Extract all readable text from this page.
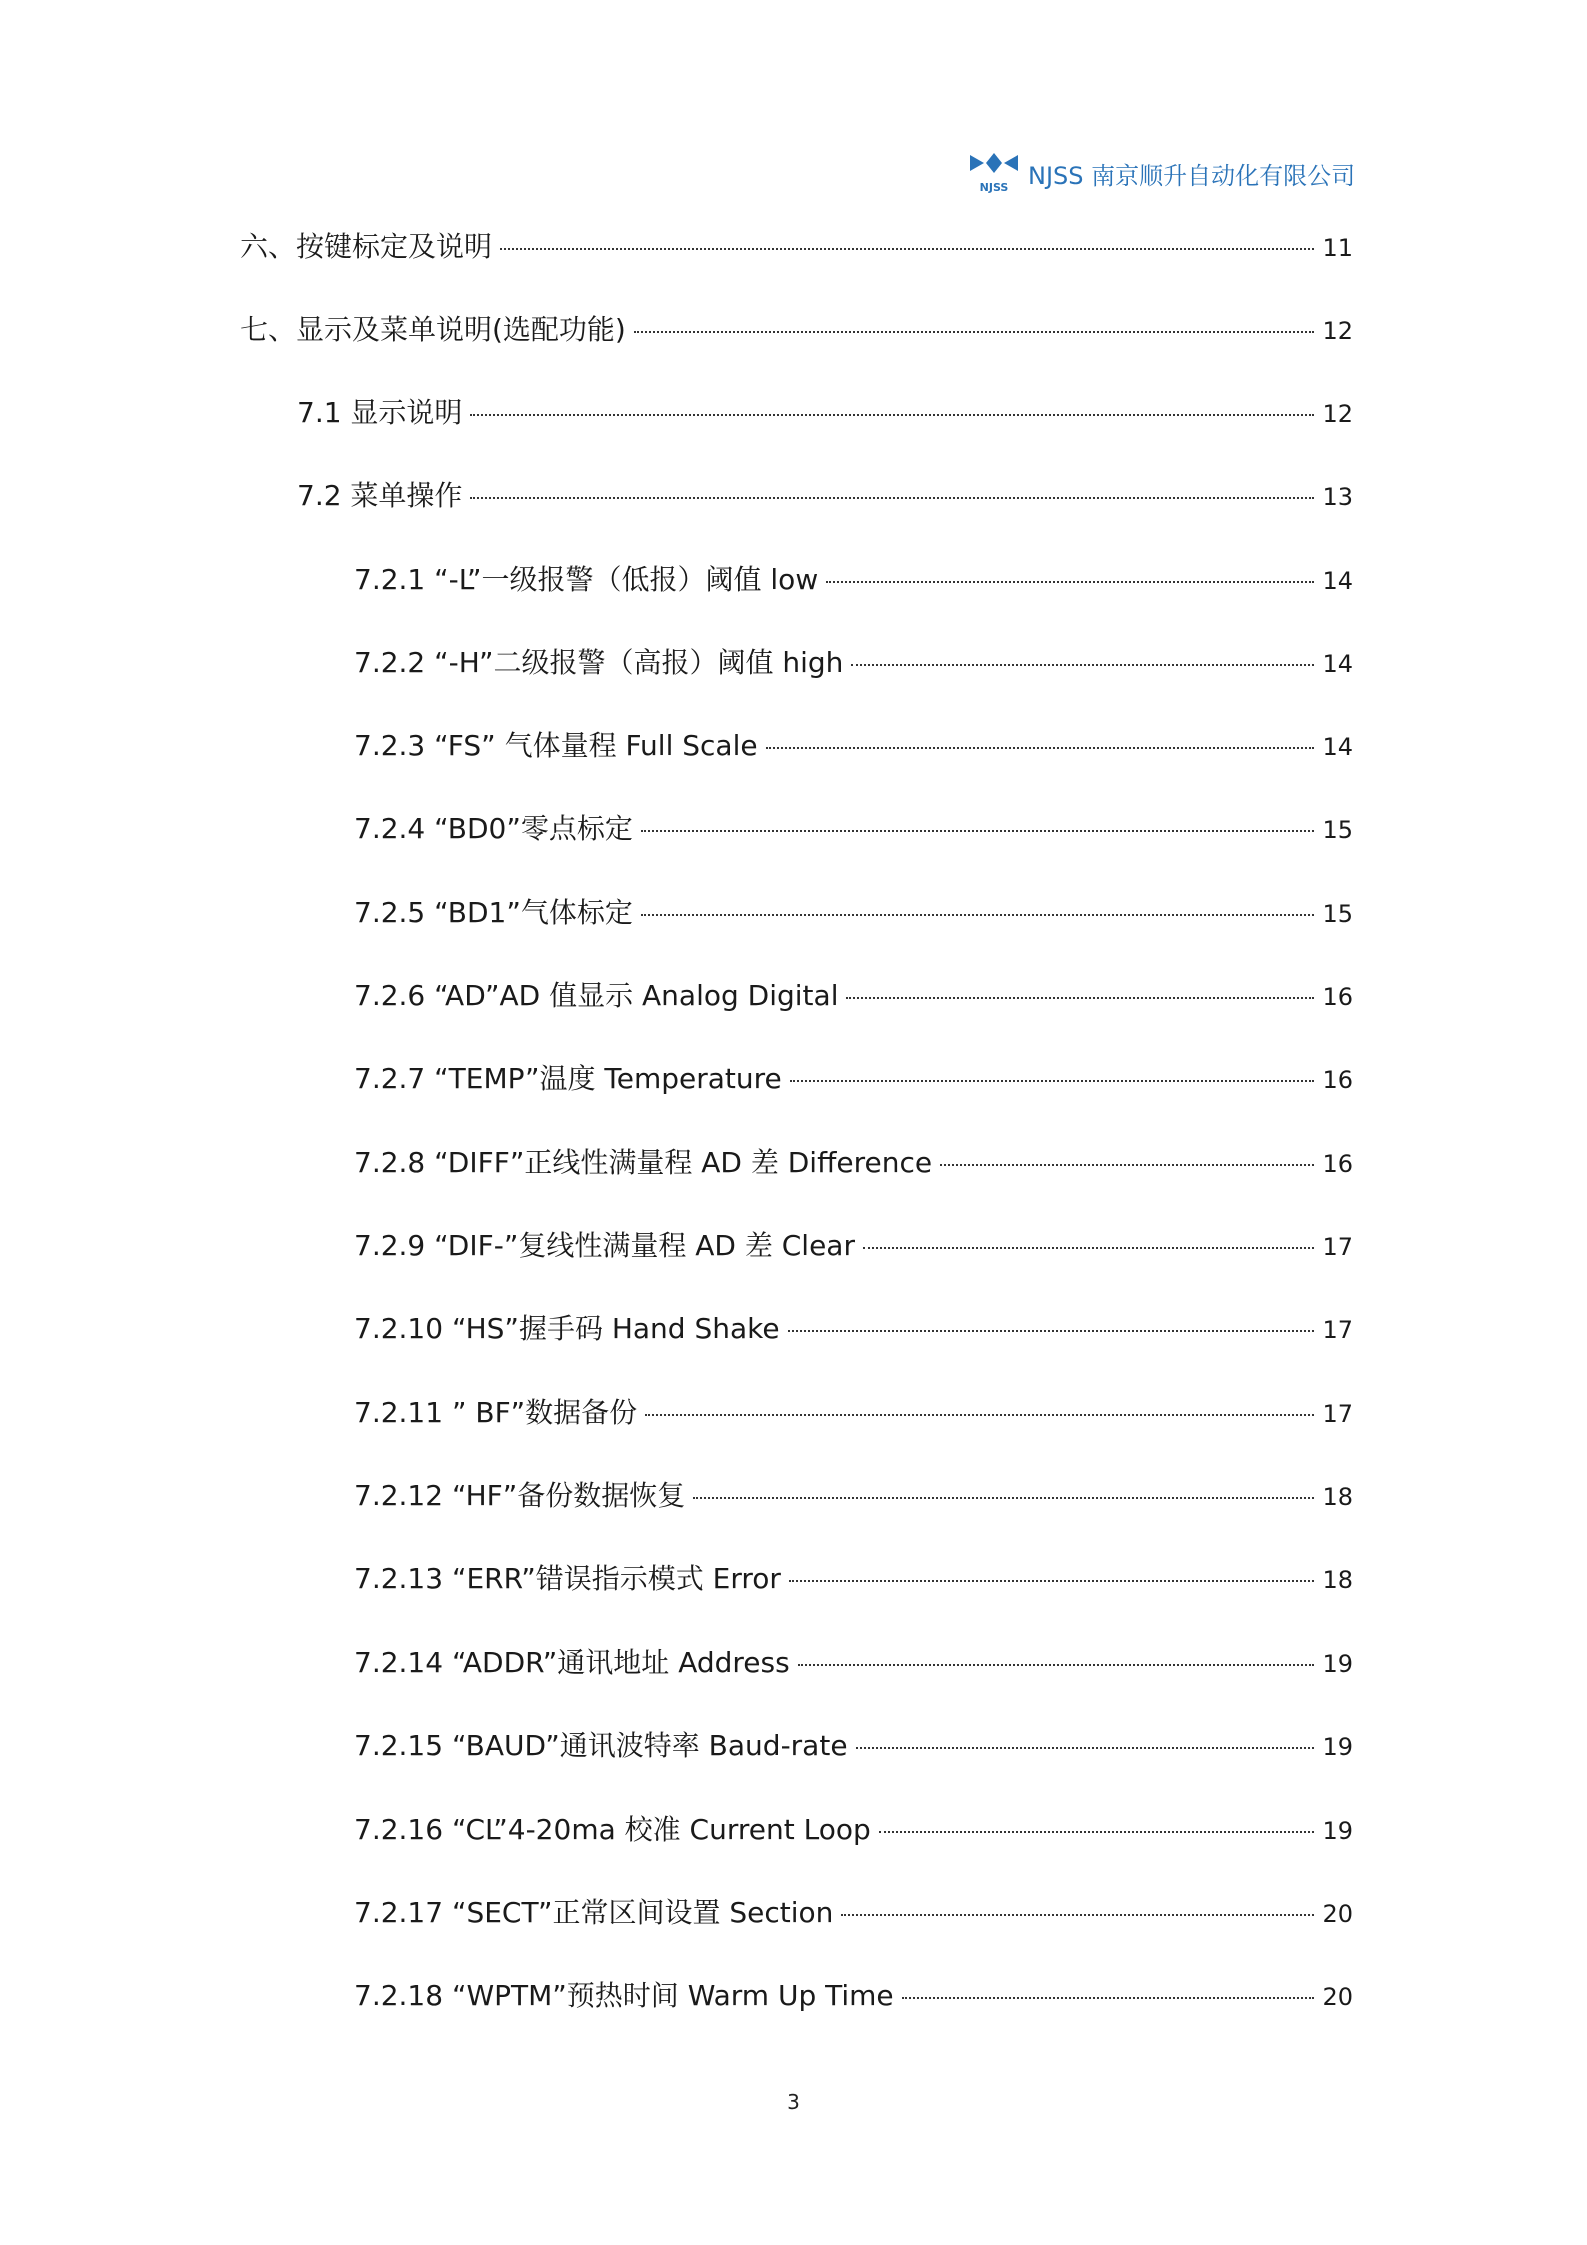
NJSS NJSS 南京顺升自动化有限公司
六、按键标定及说明	11
七、显示及菜单说明(选配功能)	12
7.1 显示说明	12
7.2 菜单操作	13
7.2.1 “-L”一级报警（低报）阈值 low	14
7.2.2 “-H”二级报警（高报）阈值 high	14
7.2.3 “FS” 气体量程 Full Scale	14
7.2.4 “BD0”零点标定	15
7.2.5 “BD1”气体标定	15
7.2.6 “AD”AD 值显示 Analog Digital	16
7.2.7 “TEMP”温度 Temperature	16
7.2.8 “DIFF”正线性满量程 AD 差 Difference	16
7.2.9 “DIF-”复线性满量程 AD 差 Clear	17
7.2.10 “HS”握手码 Hand Shake	17
7.2.11 ” BF”数据备份	17
7.2.12 “HF”备份数据恢复	18
7.2.13 “ERR”错误指示模式 Error	18
7.2.14 “ADDR”通讯地址 Address	19
7.2.15 “BAUD”通讯波特率 Baud-rate	19
7.2.16 “CL”4-20ma 校准 Current Loop	19
7.2.17 “SECT”正常区间设置 Section	20
7.2.18 “WPTM”预热时间 Warm Up Time	20
3
